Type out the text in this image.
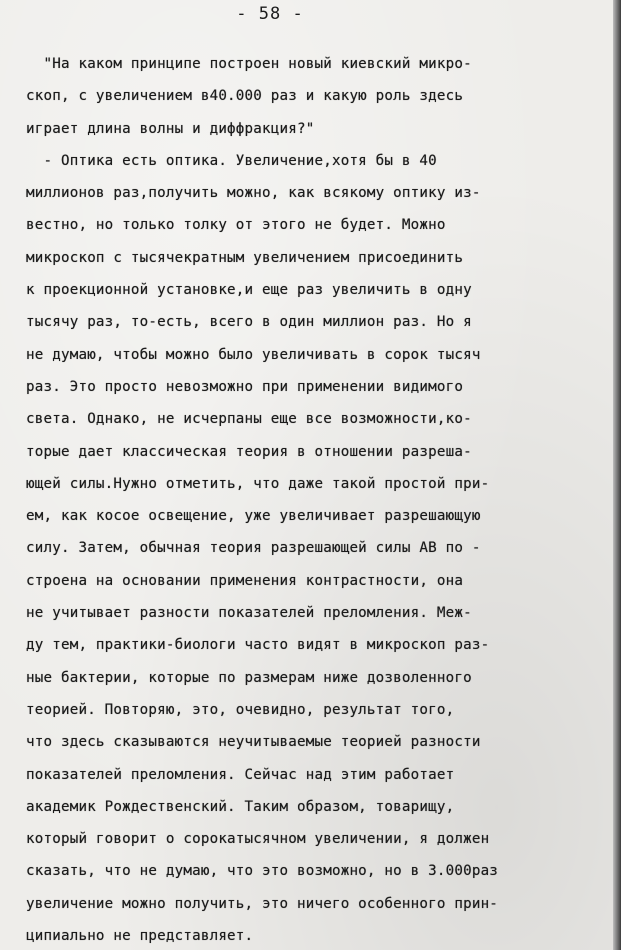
- 58 -
"На каком принципе построен новый киевский микро-
скоп, с увеличением в40.000 раз и какую роль здесь
играет длина волны и диффракция?"
- Оптика есть оптика. Увеличение,хотя бы в 40
миллионов раз,получить можно, как всякому оптику из-
вестно, но только толку от этого не будет. Можно
микроскоп с тысячекратным увеличением присоединить
к проекционной установке,и еще раз увеличить в одну
тысячу раз, то-есть, всего в один миллион раз. Но я
не думаю, чтобы можно было увеличивать в сорок тысяч
раз. Это просто невозможно при применении видимого
света. Однако, не исчерпаны еще все возможности,ко-
торые дает классическая теория в отношении разреша-
ющей силы.Нужно отметить, что даже такой простой при-
ем, как косое освещение, уже увеличивает разрешающую
силу. Затем, обычная теория разрешающей силы АВ по -
строена на основании применения контрастности, она
не учитывает разности показателей преломления. Меж-
ду тем, практики-биологи часто видят в микроскоп раз-
ные бактерии, которые по размерам ниже дозволенного
теорией. Повторяю, это, очевидно, результат того,
что здесь сказываются неучитываемые теорией разности
показателей преломления. Сейчас над этим работает
академик Рождественский. Таким образом, товарищу,
который говорит о сорокатысячном увеличении, я должен
сказать, что не думаю, что это возможно, но в 3.000раз
увеличение можно получить, это ничего особенного прин-
ципиально не представляет.
